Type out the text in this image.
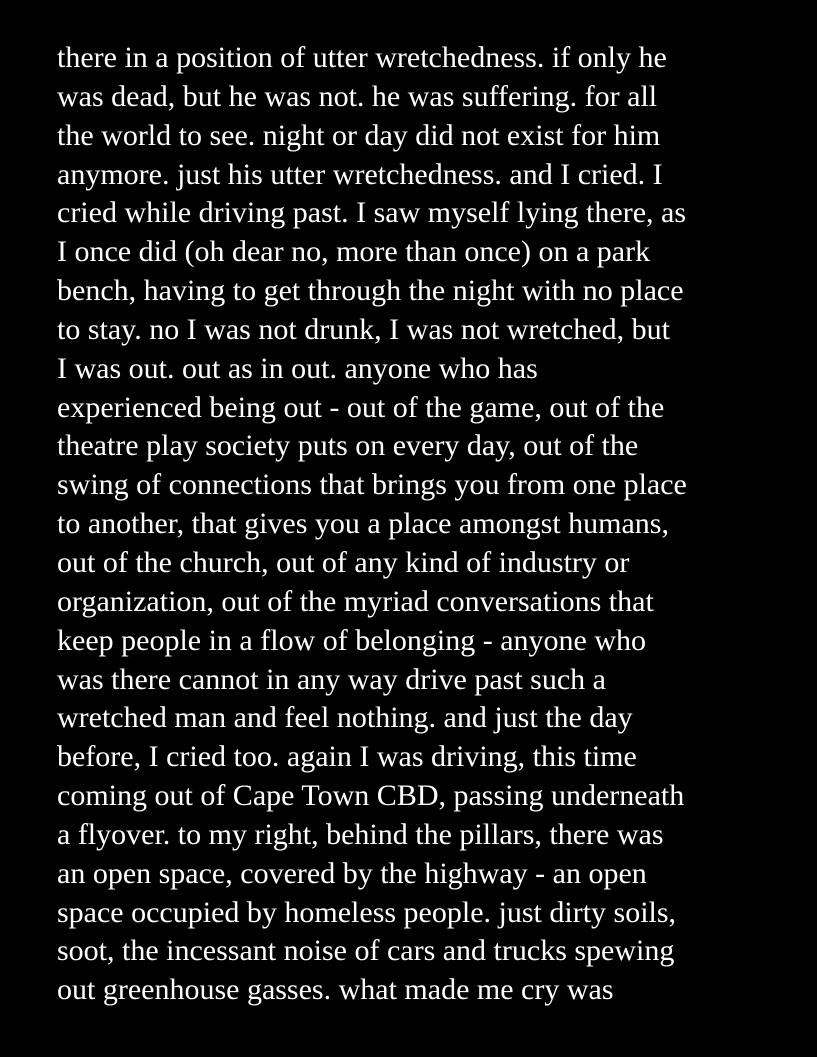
there in a position of utter wretchedness. if only he
was dead, but he was not. he was suffering. for all
the world to see. night or day did not exist for him
anymore. just his utter wretchedness. and I cried. I
cried while driving past. I saw myself lying there, as
I once did (oh dear no, more than once) on a park
bench, having to get through the night with no place
to stay. no I was not drunk, I was not wretched, but
I was out. out as in out. anyone who has
experienced being out - out of the game, out of the
theatre play society puts on every day, out of the
swing of connections that brings you from one place
to another, that gives you a place amongst humans,
out of the church, out of any kind of industry or
organization, out of the myriad conversations that
keep people in a flow of belonging - anyone who
was there cannot in any way drive past such a
wretched man and feel nothing. and just the day
before, I cried too. again I was driving, this time
coming out of Cape Town CBD, passing underneath
a flyover. to my right, behind the pillars, there was
an open space, covered by the highway - an open
space occupied by homeless people. just dirty soils,
soot, the incessant noise of cars and trucks spewing
out greenhouse gasses. what made me cry was
